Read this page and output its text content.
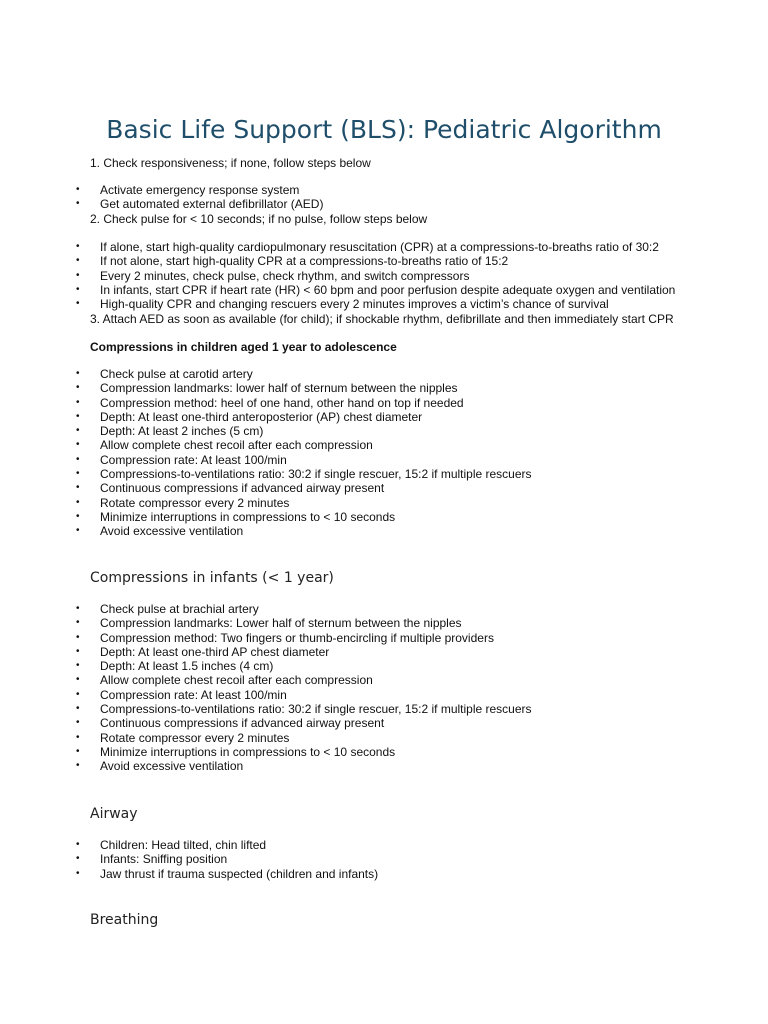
Basic Life Support (BLS): Pediatric Algorithm
1. Check responsiveness; if none, follow steps below
• Activate emergency response system
• Get automated external defibrillator (AED)
2. Check pulse for < 10 seconds; if no pulse, follow steps below
• If alone, start high-quality cardiopulmonary resuscitation (CPR) at a compressions-to-breaths ratio of 30:2
• If not alone, start high-quality CPR at a compressions-to-breaths ratio of 15:2
• Every 2 minutes, check pulse, check rhythm, and switch compressors
• In infants, start CPR if heart rate (HR) < 60 bpm and poor perfusion despite adequate oxygen and ventilation
• High-quality CPR and changing rescuers every 2 minutes improves a victim’s chance of survival
3. Attach AED as soon as available (for child); if shockable rhythm, defibrillate and then immediately start CPR
Compressions in children aged 1 year to adolescence
• Check pulse at carotid artery
• Compression landmarks: lower half of sternum between the nipples
• Compression method: heel of one hand, other hand on top if needed
• Depth: At least one-third anteroposterior (AP) chest diameter
• Depth: At least 2 inches (5 cm)
• Allow complete chest recoil after each compression
• Compression rate: At least 100/min
• Compressions-to-ventilations ratio: 30:2 if single rescuer, 15:2 if multiple rescuers
• Continuous compressions if advanced airway present
• Rotate compressor every 2 minutes
• Minimize interruptions in compressions to < 10 seconds
• Avoid excessive ventilation
Compressions in infants (< 1 year)
• Check pulse at brachial artery
• Compression landmarks: Lower half of sternum between the nipples
• Compression method: Two fingers or thumb-encircling if multiple providers
• Depth: At least one-third AP chest diameter
• Depth: At least 1.5 inches (4 cm)
• Allow complete chest recoil after each compression
• Compression rate: At least 100/min
• Compressions-to-ventilations ratio: 30:2 if single rescuer, 15:2 if multiple rescuers
• Continuous compressions if advanced airway present
• Rotate compressor every 2 minutes
• Minimize interruptions in compressions to < 10 seconds
• Avoid excessive ventilation
Airway
• Children: Head tilted, chin lifted
• Infants: Sniffing position
• Jaw thrust if trauma suspected (children and infants)
Breathing
